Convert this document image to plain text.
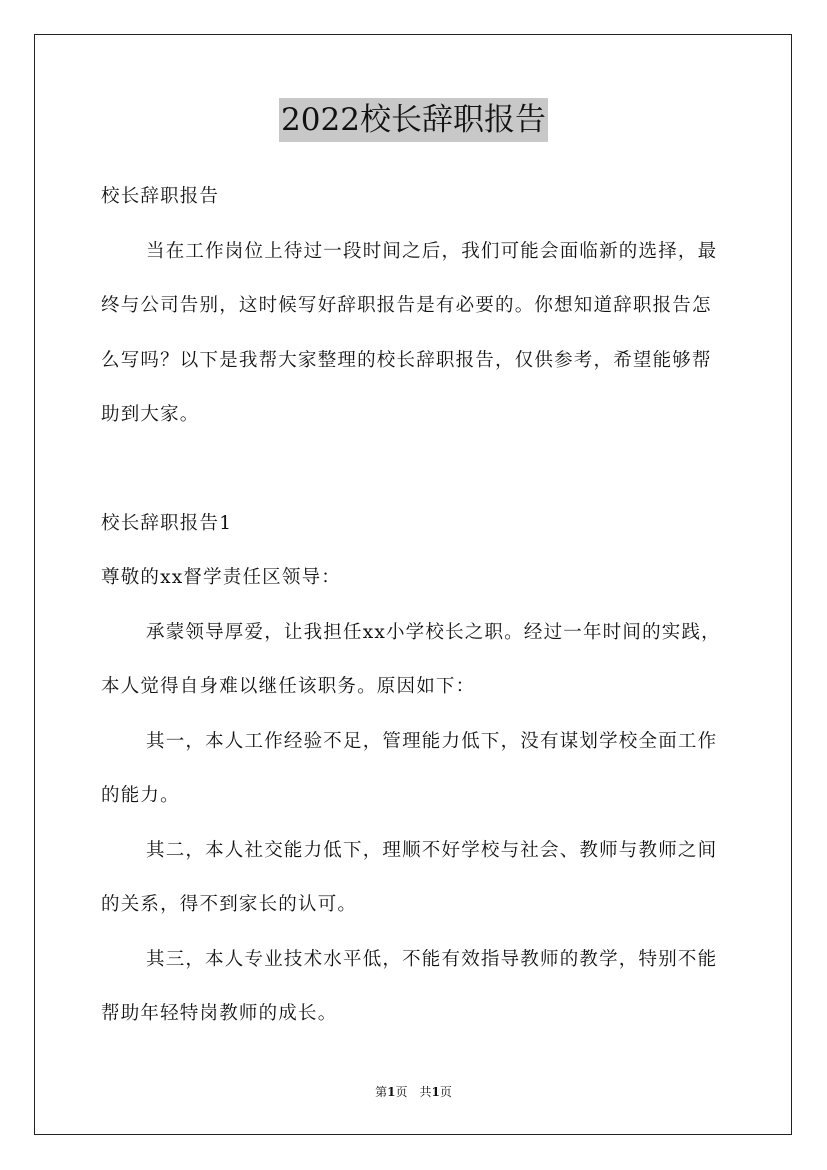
2022校长辞职报告

校长辞职报告

当在工作岗位上待过一段时间之后，我们可能会面临新的选择，最终与公司告别，这时候写好辞职报告是有必要的。你想知道辞职报告怎么写吗？以下是我帮大家整理的校长辞职报告，仅供参考，希望能够帮助到大家。

校长辞职报告1

尊敬的xx督学责任区领导：

承蒙领导厚爱，让我担任xx小学校长之职。经过一年时间的实践，本人觉得自身难以继任该职务。原因如下：

其一，本人工作经验不足，管理能力低下，没有谋划学校全面工作的能力。

其二，本人社交能力低下，理顺不好学校与社会、教师与教师之间的关系，得不到家长的认可。

其三，本人专业技术水平低，不能有效指导教师的教学，特别不能帮助年轻特岗教师的成长。

第1页　共1页
